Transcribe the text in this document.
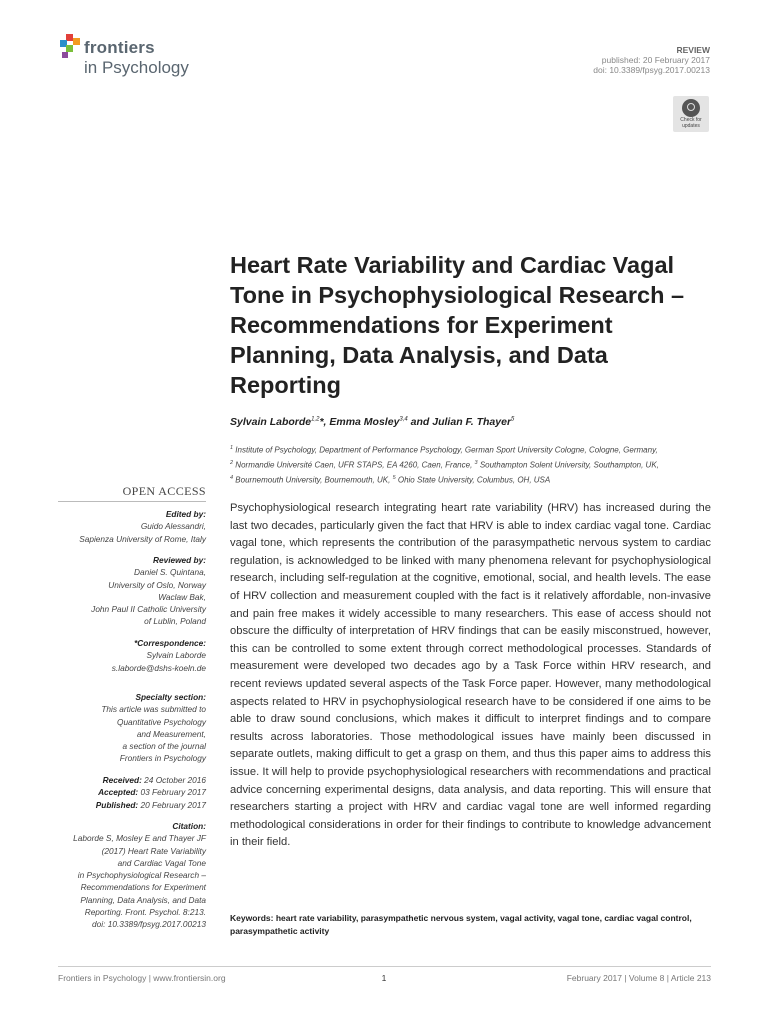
frontiers
in Psychology
REVIEW
published: 20 February 2017
doi: 10.3389/fpsyg.2017.00213
Check for
updates
Heart Rate Variability and Cardiac Vagal Tone in Psychophysiological Research – Recommendations for Experiment Planning, Data Analysis, and Data Reporting
Sylvain Laborde$^{1,2}$*, Emma Mosley$^{3,4}$ and Julian F. Thayer$^5$
$^1$ Institute of Psychology, Department of Performance Psychology, German Sport University Cologne, Cologne, Germany,
$^2$ Normandie Université Caen, UFR STAPS, EA 4260, Caen, France, $^3$ Southampton Solent University, Southampton, UK,
$^4$ Bournemouth University, Bournemouth, UK, $^5$ Ohio State University, Columbus, OH, USA
OPEN ACCESS
Edited by:
Guido Alessandri,
Sapienza University of Rome, Italy
Reviewed by:
Daniel S. Quintana,
University of Oslo, Norway
Waclaw Bak,
John Paul II Catholic University
of Lublin, Poland
*Correspondence:
Sylvain Laborde
s.laborde@dshs-koeln.de
Specialty section:
This article was submitted to
Quantitative Psychology
and Measurement,
a section of the journal
Frontiers in Psychology
Received: 24 October 2016
Accepted: 03 February 2017
Published: 20 February 2017
Citation:
Laborde S, Mosley E and Thayer JF
(2017) Heart Rate Variability
and Cardiac Vagal Tone
in Psychophysiological Research –
Recommendations for Experiment
Planning, Data Analysis, and Data
Reporting. Front. Psychol. 8:213.
doi: 10.3389/fpsyg.2017.00213
Psychophysiological research integrating heart rate variability (HRV) has increased during the last two decades, particularly given the fact that HRV is able to index cardiac vagal tone. Cardiac vagal tone, which represents the contribution of the parasympathetic nervous system to cardiac regulation, is acknowledged to be linked with many phenomena relevant for psychophysiological research, including self-regulation at the cognitive, emotional, social, and health levels. The ease of HRV collection and measurement coupled with the fact is it relatively affordable, non-invasive and pain free makes it widely accessible to many researchers. This ease of access should not obscure the difficulty of interpretation of HRV findings that can be easily misconstrued, however, this can be controlled to some extent through correct methodological processes. Standards of measurement were developed two decades ago by a Task Force within HRV research, and recent reviews updated several aspects of the Task Force paper. However, many methodological aspects related to HRV in psychophysiological research have to be considered if one aims to be able to draw sound conclusions, which makes it difficult to interpret findings and to compare results across laboratories. Those methodological issues have mainly been discussed in separate outlets, making difficult to get a grasp on them, and thus this paper aims to address this issue. It will help to provide psychophysiological researchers with recommendations and practical advice concerning experimental designs, data analysis, and data reporting. This will ensure that researchers starting a project with HRV and cardiac vagal tone are well informed regarding methodological considerations in order for their findings to contribute to knowledge advancement in their field.
Keywords: heart rate variability, parasympathetic nervous system, vagal activity, vagal tone, cardiac vagal control, parasympathetic activity
Frontiers in Psychology | www.frontiersin.org	1	February 2017 | Volume 8 | Article 213
